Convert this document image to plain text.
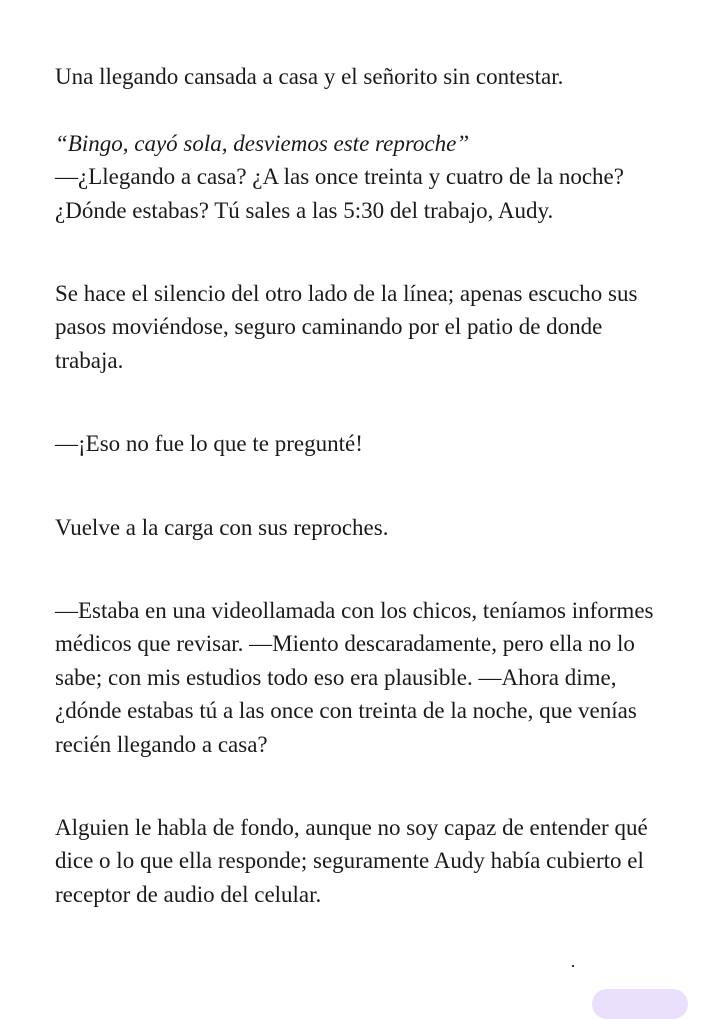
Una llegando cansada a casa y el señorito sin contestar.

“Bingo, cayó sola, desviemos este reproche”

—¿Llegando a casa? ¿A las once treinta y cuatro de la noche? ¿Dónde estabas? Tú sales a las 5:30 del trabajo, Audy.

Se hace el silencio del otro lado de la línea; apenas escucho sus pasos moviéndose, seguro caminando por el patio de donde trabaja.

—¡Eso no fue lo que te pregunté!

Vuelve a la carga con sus reproches.

—Estaba en una videollamada con los chicos, teníamos informes médicos que revisar. —Miento descaradamente, pero ella no lo sabe; con mis estudios todo eso era plausible. —Ahora dime, ¿dónde estabas tú a las once con treinta de la noche, que venías recién llegando a casa?

Alguien le habla de fondo, aunque no soy capaz de entender qué dice o lo que ella responde; seguramente Audy había cubierto el receptor de audio del celular.
